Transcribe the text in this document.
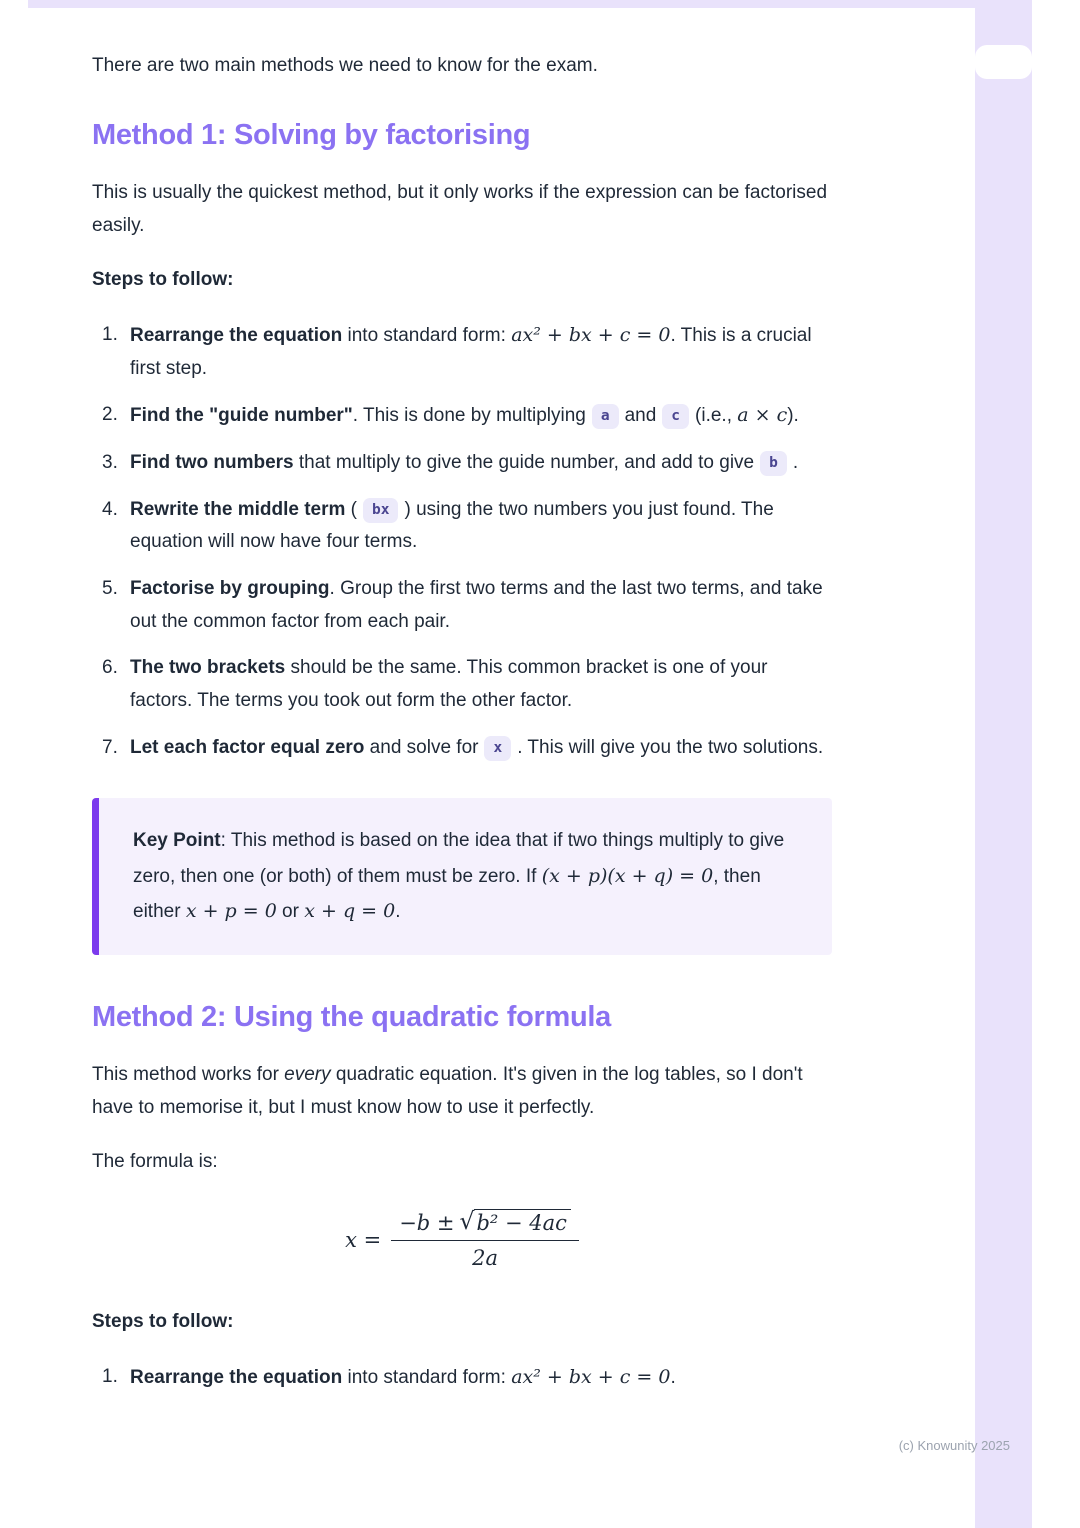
(c) Knowunity 2025

There are two main methods we need to know for the exam.

Method 1: Solving by factorising

This is usually the quickest method, but it only works if the expression can be factorised easily.

Steps to follow:

1. Rearrange the equation into standard form: ax² + bx + c = 0. This is a crucial first step.
2. Find the "guide number". This is done by multiplying a and c (i.e., a × c).
3. Find two numbers that multiply to give the guide number, and add to give b .
4. Rewrite the middle term ( bx ) using the two numbers you just found. The equation will now have four terms.
5. Factorise by grouping. Group the first two terms and the last two terms, and take out the common factor from each pair.
6. The two brackets should be the same. This common bracket is one of your factors. The terms you took out form the other factor.
7. Let each factor equal zero and solve for x . This will give you the two solutions.
Key Point: This method is based on the idea that if two things multiply to give zero, then one (or both) of them must be zero. If (x + p)(x + q) = 0, then either x + p = 0 or x + q = 0.
Method 2: Using the quadratic formula

This method works for every quadratic equation. It's given in the log tables, so I don't have to memorise it, but I must know how to use it perfectly.

The formula is:

$x = \frac{\text{−b ± √ b² − 4ac}}{2a}$

Steps to follow:

1. Rearrange the equation into standard form: ax² + bx + c = 0.
